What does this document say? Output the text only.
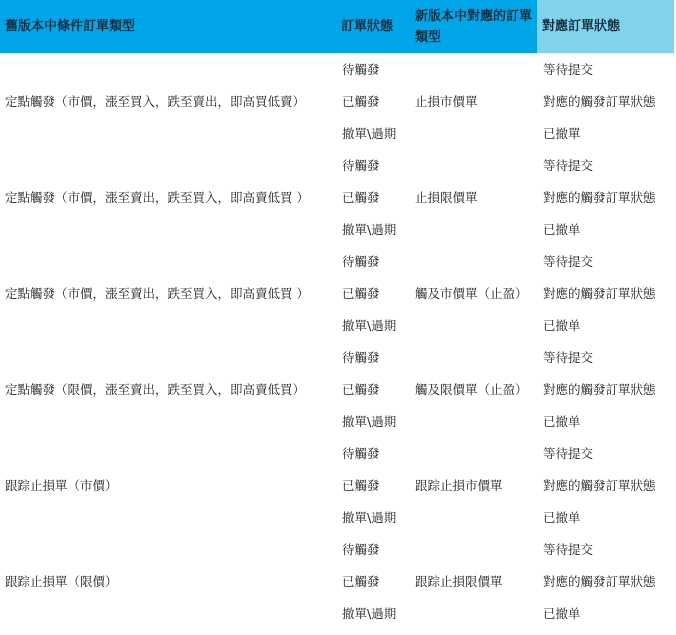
舊版本中條件訂單類型	訂單狀態	新版本中對應的訂單類型	對應訂單狀態
定點觸發（市價，漲至買入，跌至賣出，即高買低賣）	待觸發	止損市價單	等待提交
	已觸發		對應的觸發訂單狀態
	撤單\過期		已撤單
定點觸發（市價，漲至賣出，跌至買入，即高賣低買 ）	待觸發	止損限價單	等待提交
	已觸發		對應的觸發訂單狀態
	撤單\過期		已撤单
定點觸發（市價，漲至賣出，跌至買入，即高賣低買 ）	待觸發	觸及市價單（止盈）	等待提交
	已觸發		對應的觸發訂單狀態
	撤單\過期		已撤单
定點觸發（限價，漲至賣出，跌至買入，即高賣低買）	待觸發	觸及限價單（止盈）	等待提交
	已觸發		對應的觸發訂單狀態
	撤單\過期		已撤单
跟踪止損單（市價）	待觸發	跟踪止損市價單	等待提交
	已觸發		對應的觸發訂單狀態
	撤單\過期		已撤单
跟踪止損單（限價）	待觸發	跟踪止損限價單	等待提交
	已觸發		對應的觸發訂單狀態
	撤單\過期		已撤单
